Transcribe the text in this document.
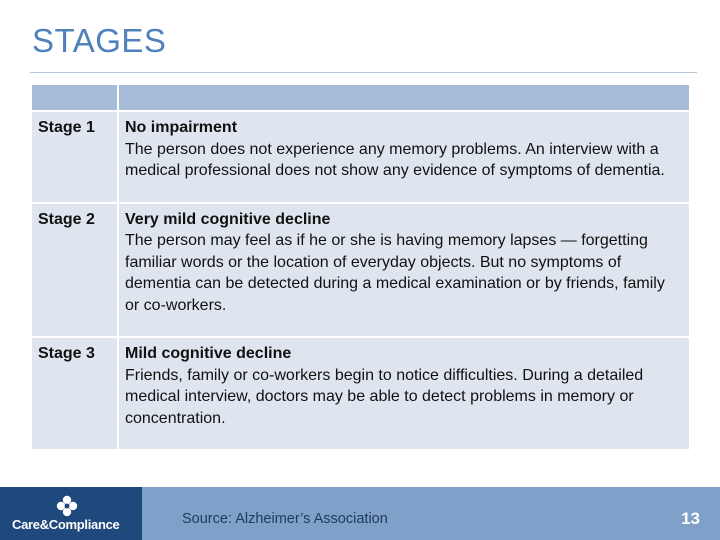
STAGES

Stage 1	No impairment
The person does not experience any memory problems. An interview with a medical professional does not show any evidence of symptoms of dementia.

Stage 2	Very mild cognitive decline
The person may feel as if he or she is having memory lapses — forgetting familiar words or the location of everyday objects. But no symptoms of dementia can be detected during a medical examination or by friends, family or co-workers.

Stage 3	Mild cognitive decline
Friends, family or co-workers begin to notice difficulties. During a detailed medical interview, doctors may be able to detect problems in memory or concentration.
Care&Compliance	Source: Alzheimer’s Association	13
